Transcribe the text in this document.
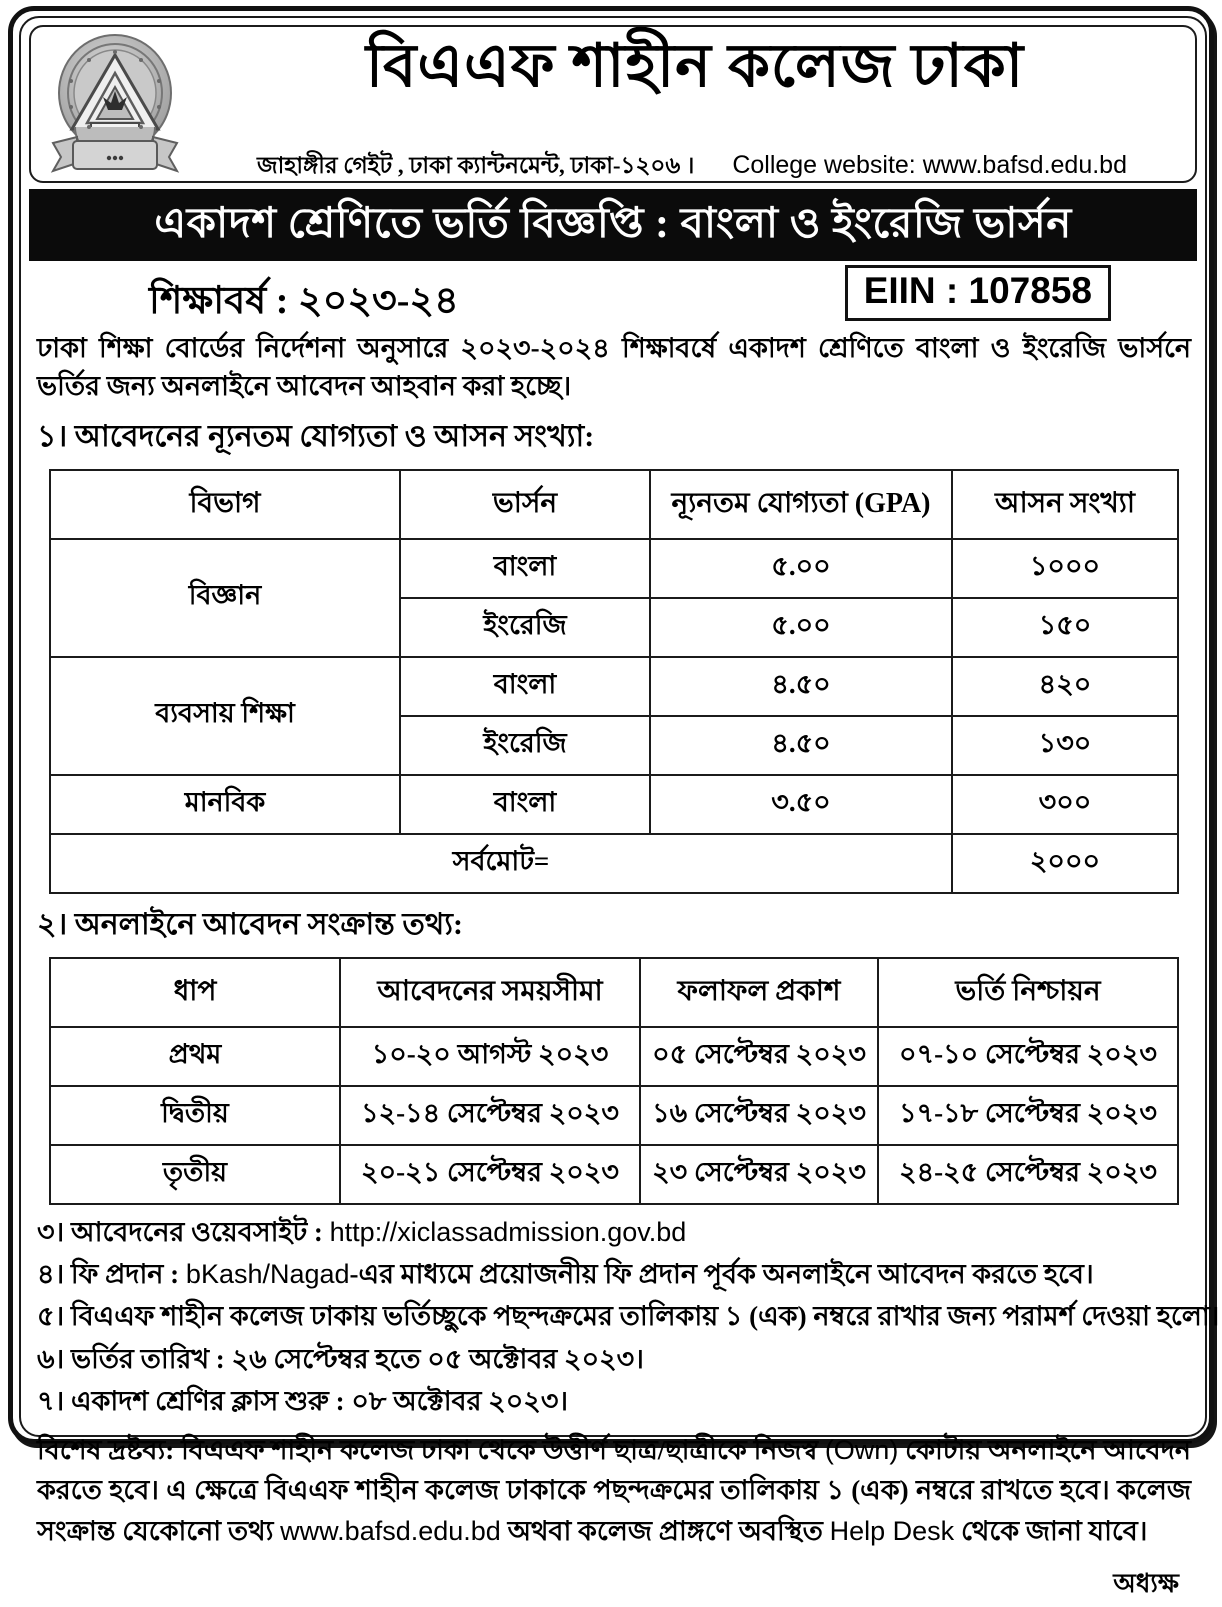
বিএএফ শাহীন কলেজ ঢাকা
জাহাঙ্গীর গেইট , ঢাকা ক্যান্টনমেন্ট, ঢাকা-১২০৬ । College website: www.bafsd.edu.bd
একাদশ শ্রেণিতে ভর্তি বিজ্ঞপ্তি : বাংলা ও ইংরেজি ভার্সন
শিক্ষাবর্ষ : ২০২৩-২৪	EIIN : 107858
ঢাকা শিক্ষা বোর্ডের নির্দেশনা অনুসারে ২০২৩-২০২৪ শিক্ষাবর্ষে একাদশ শ্রেণিতে বাংলা ও ইংরেজি ভার্সনে ভর্তির জন্য অনলাইনে আবেদন আহবান করা হচ্ছে।
১। আবেদনের ন্যূনতম যোগ্যতা ও আসন সংখ্যা:
বিভাগ	ভার্সন	ন্যূনতম যোগ্যতা (GPA)	আসন সংখ্যা
বিজ্ঞান	বাংলা	৫.০০	১০০০
	ইংরেজি	৫.০০	১৫০
ব্যবসায় শিক্ষা	বাংলা	৪.৫০	৪২০
	ইংরেজি	৪.৫০	১৩০
মানবিক	বাংলা	৩.৫০	৩০০
সর্বমোট=			২০০০
২। অনলাইনে আবেদন সংক্রান্ত তথ্য:
ধাপ	আবেদনের সময়সীমা	ফলাফল প্রকাশ	ভর্তি নিশ্চায়ন
প্রথম	১০-২০ আগস্ট ২০২৩	০৫ সেপ্টেম্বর ২০২৩	০৭-১০ সেপ্টেম্বর ২০২৩
দ্বিতীয়	১২-১৪ সেপ্টেম্বর ২০২৩	১৬ সেপ্টেম্বর ২০২৩	১৭-১৮ সেপ্টেম্বর ২০২৩
তৃতীয়	২০-২১ সেপ্টেম্বর ২০২৩	২৩ সেপ্টেম্বর ২০২৩	২৪-২৫ সেপ্টেম্বর ২০২৩
৩। আবেদনের ওয়েবসাইট : http://xiclassadmission.gov.bd
৪। ফি প্রদান : bKash/Nagad-এর মাধ্যমে প্রয়োজনীয় ফি প্রদান পূর্বক অনলাইনে আবেদন করতে হবে।
৫। বিএএফ শাহীন কলেজ ঢাকায় ভর্তিচ্ছুকে পছন্দক্রমের তালিকায় ১ (এক) নম্বরে রাখার জন্য পরামর্শ দেওয়া হলো।
৬। ভর্তির তারিখ : ২৬ সেপ্টেম্বর হতে ০৫ অক্টোবর ২০২৩।
৭। একাদশ শ্রেণির ক্লাস শুরু : ০৮ অক্টোবর ২০২৩।
বিশেষ দ্রষ্টব্য: বিএএফ শাহীন কলেজ ঢাকা থেকে উত্তীর্ণ ছাত্র/ছাত্রীকে নিজস্ব (Own) কোটায় অনলাইনে আবেদন করতে হবে। এ ক্ষেত্রে বিএএফ শাহীন কলেজ ঢাকাকে পছন্দক্রমের তালিকায় ১ (এক) নম্বরে রাখতে হবে। কলেজ সংক্রান্ত যেকোনো তথ্য www.bafsd.edu.bd অথবা কলেজ প্রাঙ্গণে অবস্থিত Help Desk থেকে জানা যাবে।
অধ্যক্ষ
